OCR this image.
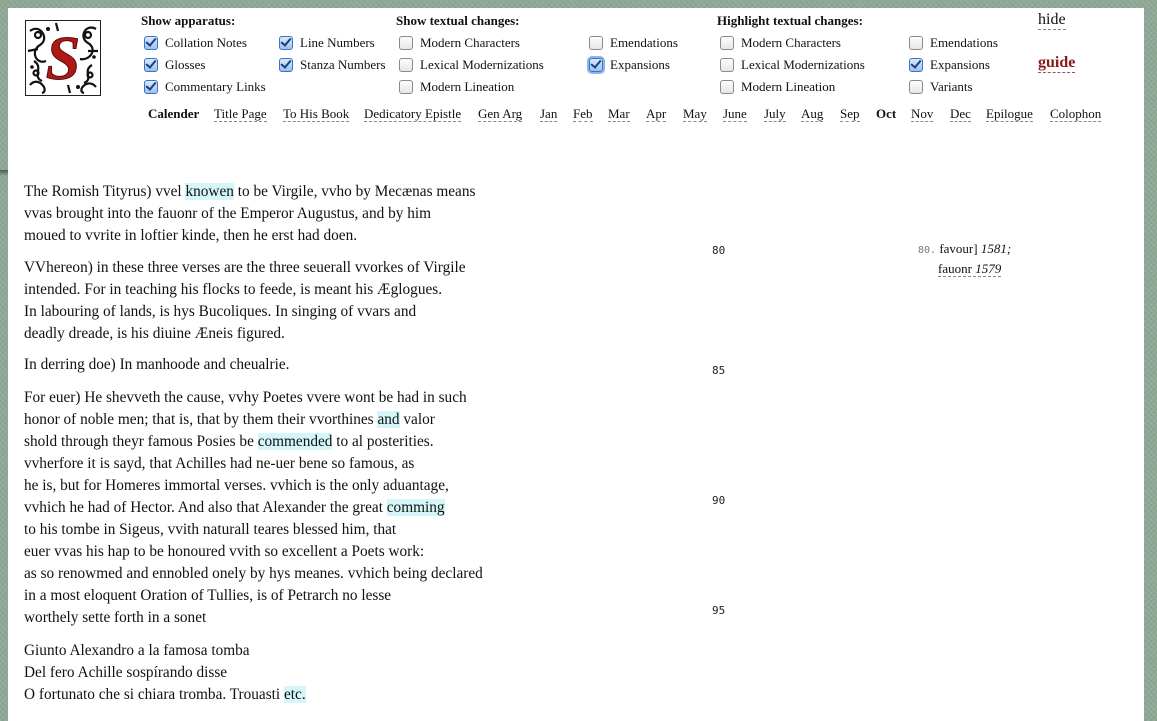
S
Show apparatus:
Collation Notes	Line Numbers
Glosses	Stanza Numbers
Commentary Links
Show textual changes:
Modern Characters	Emendations
Lexical Modernizations	Expansions
Modern Lineation
Highlight textual changes:
Modern Characters	Emendations
Lexical Modernizations	Expansions
Modern Lineation	Variants
hide
guide
Calender Title Page To His Book Dedicatory Epistle Gen Arg Jan Feb Mar Apr May June July Aug Sep Oct Nov Dec Epilogue Colophon
The Romish Tityrus) vvel knowen to be Virgile, vvho by Mecænas means
vvas brought into the fauonr of the Emperor Augustus, and by him
moued to vvrite in loftier kinde, then he erst had doen.
VVhereon) in these three verses are the three seuerall vvorkes of Virgile
intended. For in teaching his flocks to feede, is meant his Æglogues.
In labouring of lands, is hys Bucoliques. In singing of vvars and
deadly dreade, is his diuine Æneis figured.
In derring doe) In manhoode and cheualrie.
For euer) He shevveth the cause, vvhy Poetes vvere wont be had in such
honor of noble men; that is, that by them their vvorthines and valor
shold through theyr famous Posies be commended to al posterities.
vvherfore it is sayd, that Achilles had ne-uer bene so famous, as
he is, but for Homeres immortal verses. vvhich is the only aduantage,
vvhich he had of Hector. And also that Alexander the great comming
to his tombe in Sigeus, vvith naturall teares blessed him, that
euer vvas his hap to be honoured vvith so excellent a Poets work:
as so renowmed and ennobled onely by hys meanes. vvhich being declared
in a most eloquent Oration of Tullies, is of Petrarch no lesse
worthely sette forth in a sonet
Giunto Alexandro a la famosa tomba
Del fero Achille sospírando disse
O fortunato che si chiara tromba. Trouasti etc.
80
85
90
95
80. favour] 1581;
fauonr 1579
